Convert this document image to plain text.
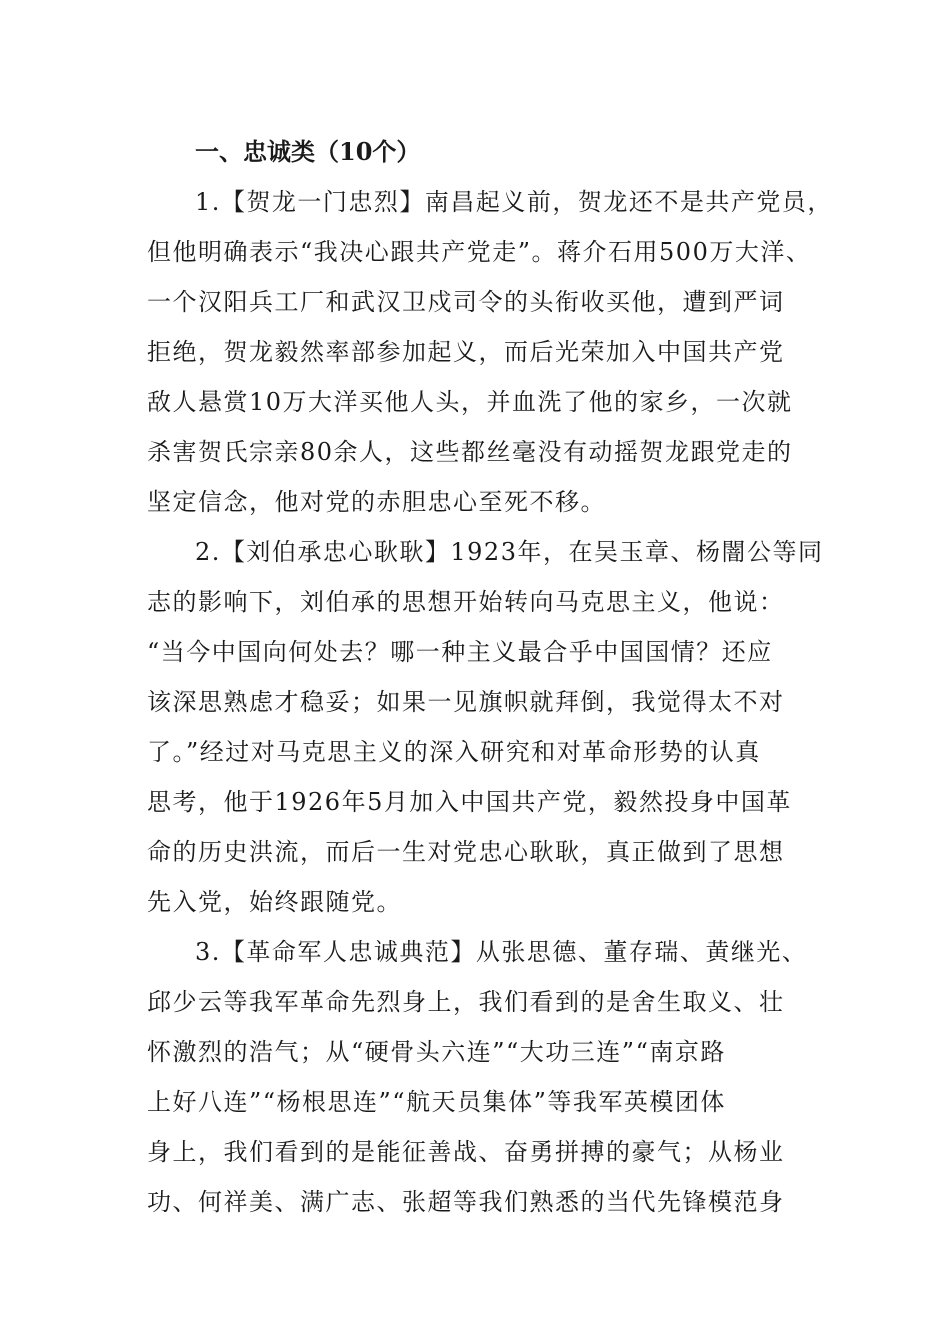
一、忠诚类（10个）
1.【贺龙一门忠烈】南昌起义前，贺龙还不是共产党员，
但他明确表示“我决心跟共产党走”。蒋介石用500万大洋、
一个汉阳兵工厂和武汉卫戍司令的头衔收买他，遭到严词
拒绝，贺龙毅然率部参加起义，而后光荣加入中国共产党
敌人悬赏10万大洋买他人头，并血洗了他的家乡，一次就
杀害贺氏宗亲80余人，这些都丝毫没有动摇贺龙跟党走的
坚定信念，他对党的赤胆忠心至死不移。
2.【刘伯承忠心耿耿】1923年，在吴玉章、杨闇公等同
志的影响下，刘伯承的思想开始转向马克思主义，他说：
“当今中国向何处去？哪一种主义最合乎中国国情？还应
该深思熟虑才稳妥；如果一见旗帜就拜倒，我觉得太不对
了。”经过对马克思主义的深入研究和对革命形势的认真
思考，他于1926年5月加入中国共产党，毅然投身中国革
命的历史洪流，而后一生对党忠心耿耿，真正做到了思想
先入党，始终跟随党。
3.【革命军人忠诚典范】从张思德、董存瑞、黄继光、
邱少云等我军革命先烈身上，我们看到的是舍生取义、壮
怀激烈的浩气；从“硬骨头六连”“大功三连”“南京路
上好八连”“杨根思连”“航天员集体”等我军英模团体
身上，我们看到的是能征善战、奋勇拼搏的豪气；从杨业
功、何祥美、满广志、张超等我们熟悉的当代先锋模范身
